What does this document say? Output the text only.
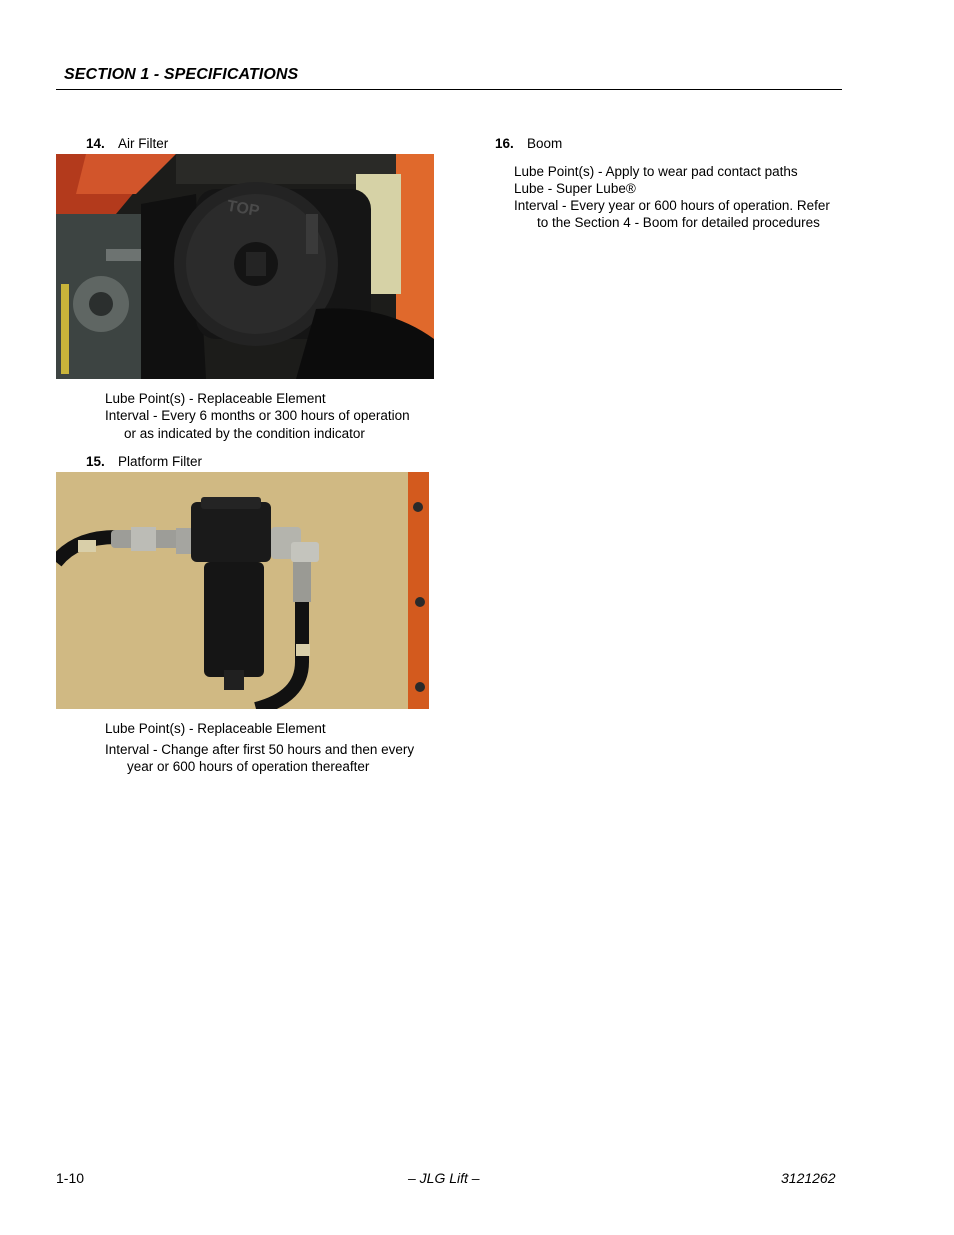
SECTION 1 - SPECIFICATIONS
14. Air Filter
TOP
Lube Point(s) - Replaceable Element
Interval - Every 6 months or 300 hours of operation
or as indicated by the condition indicator
15. Platform Filter
Lube Point(s) - Replaceable Element
Interval - Change after first 50 hours and then every
year or 600 hours of operation thereafter
16. Boom
Lube Point(s) - Apply to wear pad contact paths
Lube - Super Lube®
Interval - Every year or 600 hours of operation. Refer
to the Section 4 - Boom for detailed procedures
1-10	– JLG Lift –	3121262
